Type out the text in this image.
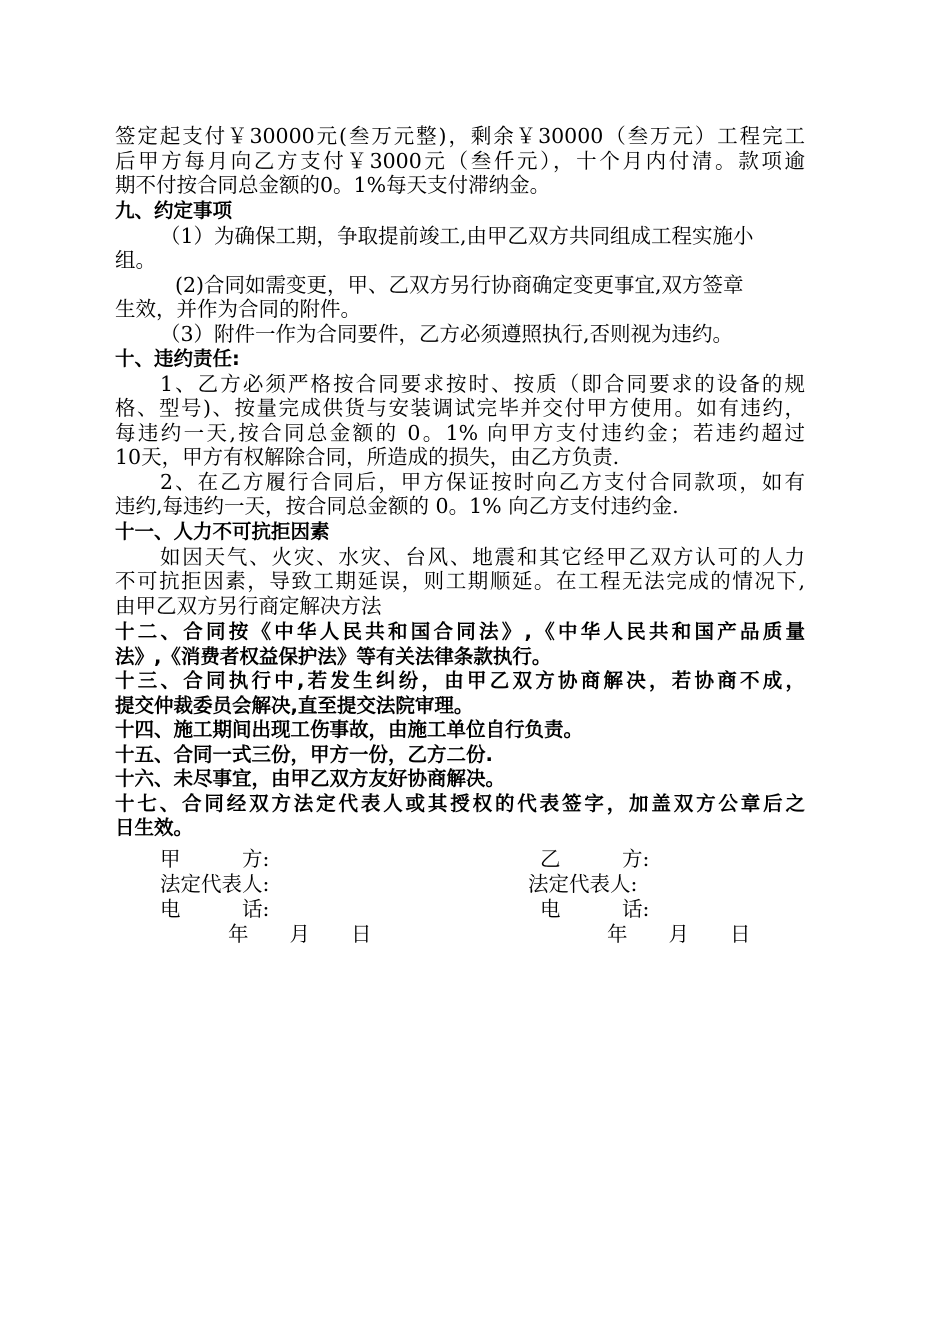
签定起支付￥30000元(叁万元整)，剩余￥30000（叁万元）工程完工
后甲方每月向乙方支付￥3000元（叁仟元），十个月内付清。款项逾
期不付按合同总金额的0。1%每天支付滞纳金。
九、约定事项
（1）为确保工期，争取提前竣工,由甲乙双方共同组成工程实施小
组。
(2)合同如需变更，甲、乙双方另行协商确定变更事宜,双方签章
生效，并作为合同的附件。
（3）附件一作为合同要件，乙方必须遵照执行,否则视为违约。
十、违约责任:
1、乙方必须严格按合同要求按时、按质（即合同要求的设备的规
格、型号)、按量完成供货与安装调试完毕并交付甲方使用。如有违约，
每违约一天,按合同总金额的 0。1% 向甲方支付违约金；若违约超过
10天，甲方有权解除合同，所造成的损失，由乙方负责.
2、在乙方履行合同后，甲方保证按时向乙方支付合同款项，如有
违约,每违约一天，按合同总金额的 0。1% 向乙方支付违约金.
十一、人力不可抗拒因素
如因天气、火灾、水灾、台风、地震和其它经甲乙双方认可的人力
不可抗拒因素，导致工期延误，则工期顺延。在工程无法完成的情况下,
由甲乙双方另行商定解决方法
十二、合同按《中华人民共和国合同法》,《中华人民共和国产品质量
法》,《消费者权益保护法》等有关法律条款执行。
十三、合同执行中,若发生纠纷，由甲乙双方协商解决，若协商不成，
提交仲裁委员会解决,直至提交法院审理。
十四、施工期间出现工伤事故，由施工单位自行负责。
十五、合同一式三份，甲方一份，乙方二份.
十六、未尽事宜，由甲乙双方友好协商解决。
十七、合同经双方法定代表人或其授权的代表签字，加盖双方公章后之
日生效。
甲　　　方:	乙　　　方:
法定代表人:	法定代表人:
电　　　话:	电　　　话:
年　　月　　日	年　　月　　日
